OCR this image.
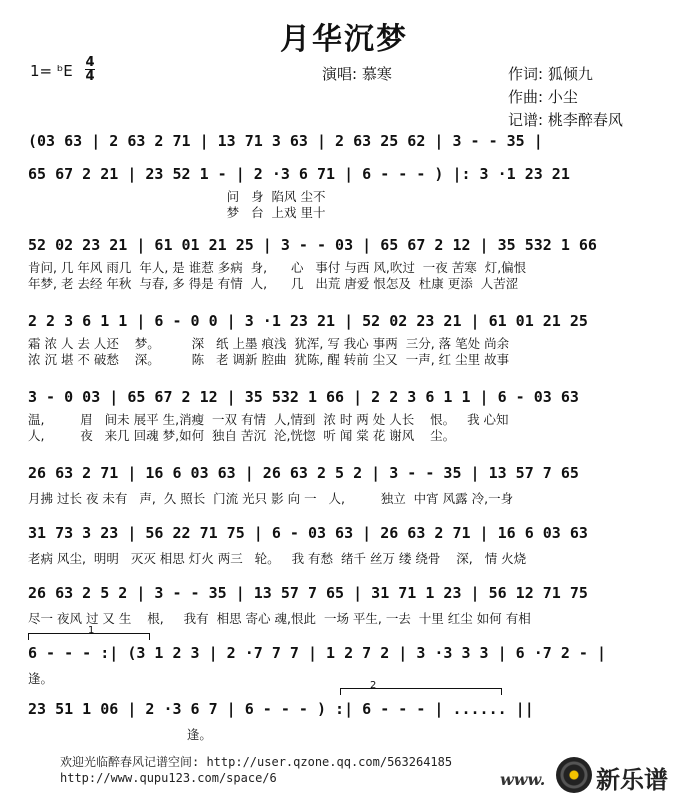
月华沉梦
1= ᵇE 4
4	演唱: 慕寒	作词: 狐倾九
作曲: 小尘
记谱: 桃李醉春风
(03 63 | 2 63 2 71 | 13 71 3 63 | 2 63 25 62 | 3 - - 35 |
65 67 2 21 | 23 52 1 - | 2 ·3 6 71 | 6 - - - ) |: 3 ·1 23 21
问   身  陷风 尘不
梦   台  上戏 里十
52 02 23 21 | 61 01 21 25 | 3 - - 03 | 65 67 2 12 | 35 532 1 66
肯问, 几 年风 雨几  年人, 是 谁惹 多病  身,      心   事付 与西 风,吹过  一夜 苦寒  灯,偏恨
年梦, 老 去经 年秋  与春, 多 得是 有情  人,      几   出荒 唐爱 恨怎及  杜康 更添  人苦涩
2 2 3 6 1 1 | 6 - 0 0 | 3 ·1 23 21 | 52 02 23 21 | 61 01 21 25
霜 浓 人 去 人还    梦。        深   纸 上墨 痕浅  犹浑, 写 我心 事两  三分, 落 笔处 尚余
浓 沉 堪 不 破愁    深。        陈   老 调新 腔曲  犹陈, 醒 转前 尘又  一声, 红 尘里 故事
3 - 0 03 | 65 67 2 12 | 35 532 1 66 | 2 2 3 6 1 1 | 6 - 03 63
温,         眉   间未 展平 生,消瘦  一双 有情  人,情到  浓 时 两 处 人长    恨。   我 心知
人,         夜   来几 回魂 梦,如何  独自 苦沉  沦,恍惚  听 闻 棠 花 谢风    尘。
26 63 2 71 | 16 6 03 63 | 26 63 2 5 2 | 3 - - 35 | 13 57 7 65
月拂 过长 夜 未有   声,  久 照长  门流 光只 影 向 一   人,         独立  中宵 风露 冷,一身
31 73 3 23 | 56 22 71 75 | 6 - 03 63 | 26 63 2 71 | 16 6 03 63
老病 风尘,  明明   灭灭 相思 灯火 两三   轮。   我 有愁  绪千 丝万 缕 绕骨    深,   情 火烧
26 63 2 5 2 | 3 - - 35 | 13 57 7 65 | 31 71 1 23 | 56 12 71 75
尽一 夜风 过 又 生    根,     我有  相思 寄心 魂,恨此  一场 平生, 一去  十里 红尘 如何 有相
1
6 - - - :| (3 1 2 3 | 2 ·7 7 7 | 1 2 7 2 | 3 ·3 3 3 | 6 ·7 2 - |
逢。	2
23 51 1 06 | 2 ·3 6 7 | 6 - - - ) :| 6 - - - | ...... ||
逢。
欢迎光临醉春风记谱空间: http://user.qzone.qq.com/563264185
http://www.qupu123.com/space/6	www. 新乐谱
